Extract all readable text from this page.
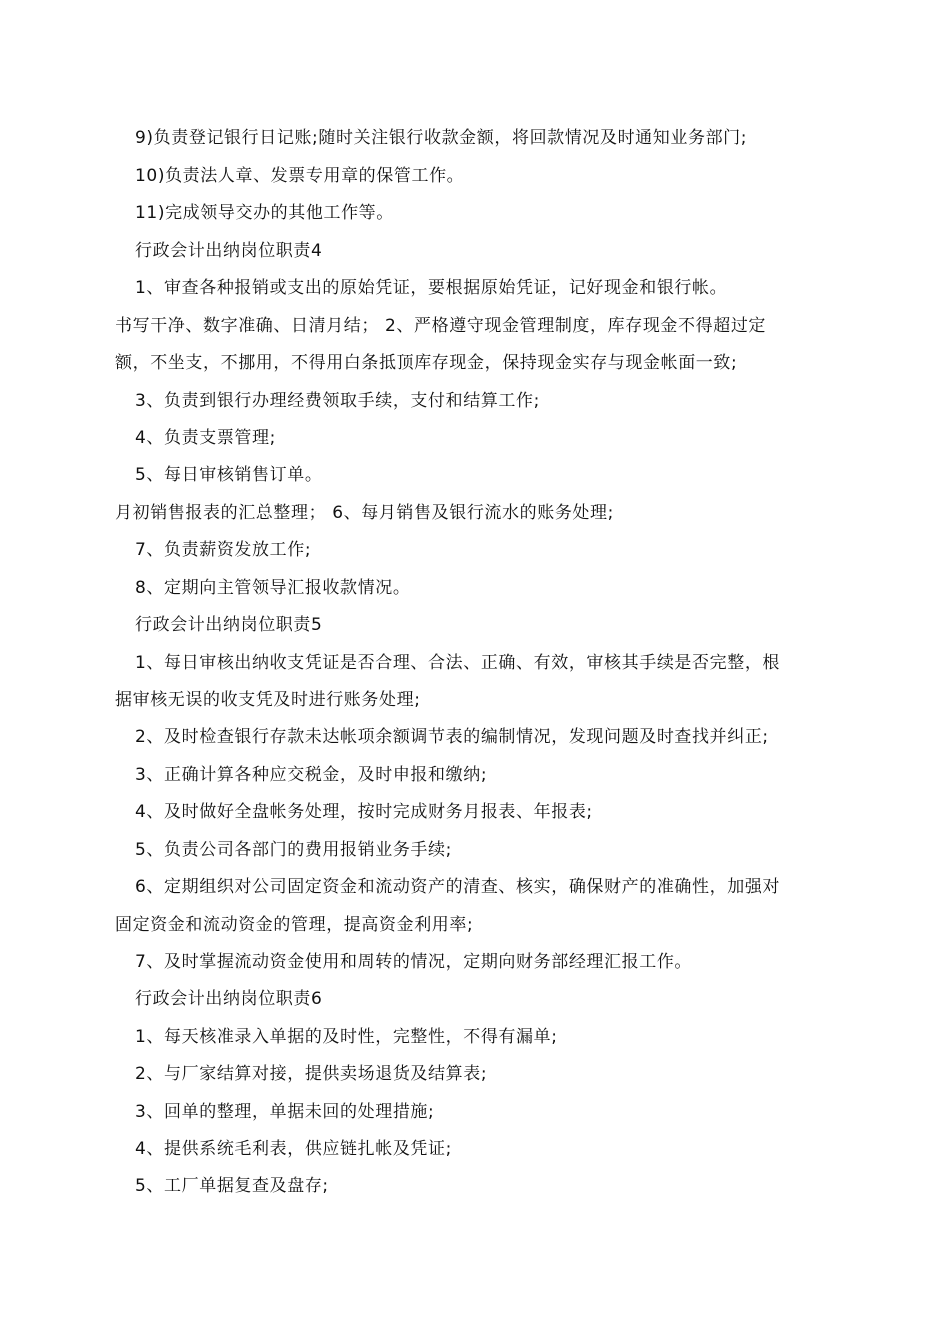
9)负责登记银行日记账;随时关注银行收款金额，将回款情况及时通知业务部门;
10)负责法人章、发票专用章的保管工作。
11)完成领导交办的其他工作等。
行政会计出纳岗位职责4
1、审查各种报销或支出的原始凭证，要根据原始凭证，记好现金和银行帐。
书写干净、数字准确、日清月结； 2、严格遵守现金管理制度，库存现金不得超过定
额，不坐支，不挪用，不得用白条抵顶库存现金，保持现金实存与现金帐面一致;
3、负责到银行办理经费领取手续，支付和结算工作;
4、负责支票管理;
5、每日审核销售订单。
月初销售报表的汇总整理； 6、每月销售及银行流水的账务处理;
7、负责薪资发放工作;
8、定期向主管领导汇报收款情况。
行政会计出纳岗位职责5
1、每日审核出纳收支凭证是否合理、合法、正确、有效，审核其手续是否完整，根
据审核无误的收支凭及时进行账务处理;
2、及时检查银行存款未达帐项余额调节表的编制情况，发现问题及时查找并纠正;
3、正确计算各种应交税金，及时申报和缴纳;
4、及时做好全盘帐务处理，按时完成财务月报表、年报表;
5、负责公司各部门的费用报销业务手续;
6、定期组织对公司固定资金和流动资产的清查、核实，确保财产的准确性，加强对
固定资金和流动资金的管理，提高资金利用率;
7、及时掌握流动资金使用和周转的情况，定期向财务部经理汇报工作。
行政会计出纳岗位职责6
1、每天核准录入单据的及时性，完整性，不得有漏单;
2、与厂家结算对接，提供卖场退货及结算表;
3、回单的整理，单据未回的处理措施;
4、提供系统毛利表，供应链扎帐及凭证;
5、工厂单据复查及盘存;
